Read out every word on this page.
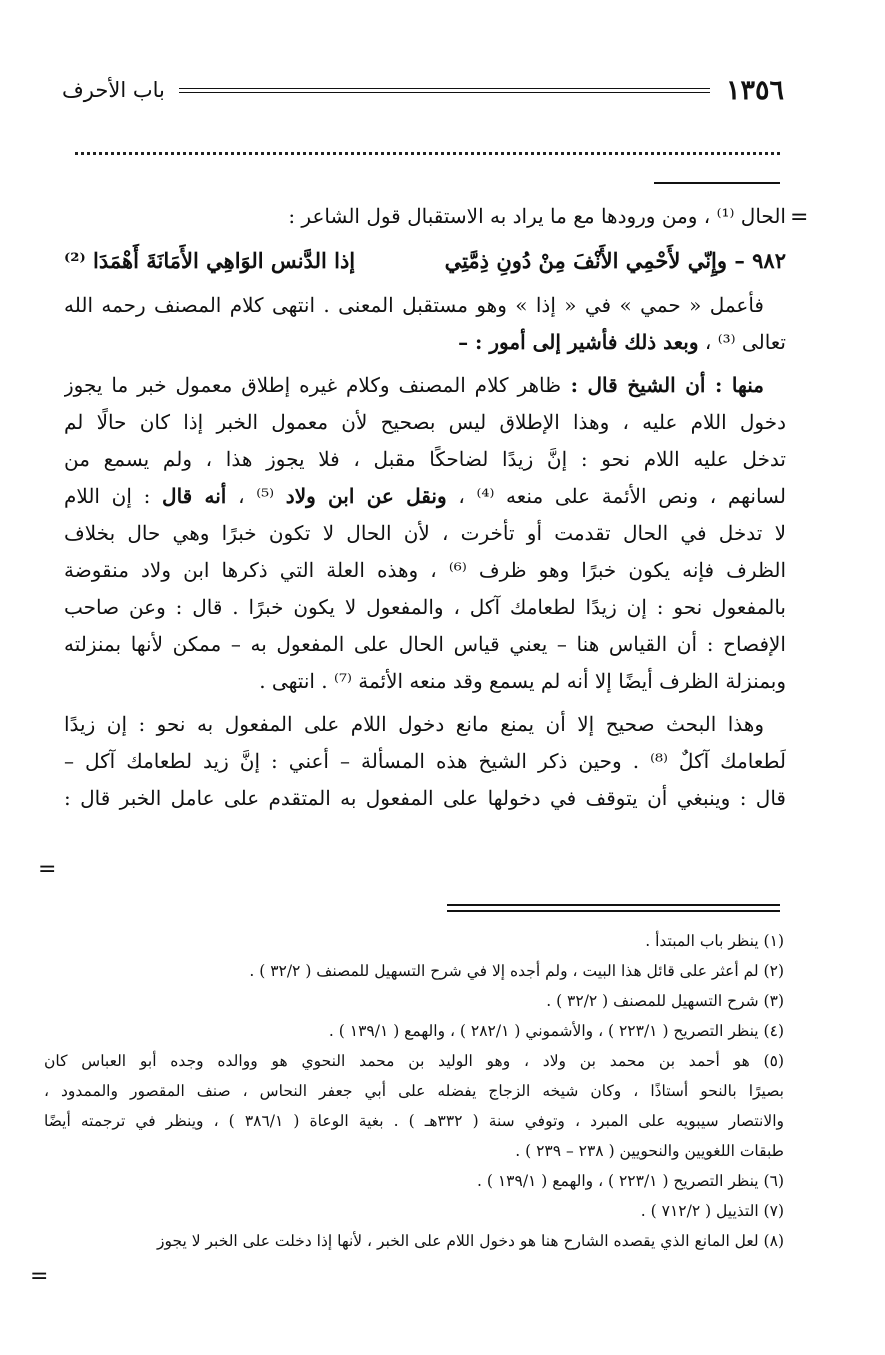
١٣٥٦
باب الأحرف
=
=
=
الحال ⁽¹⁾ ، ومن ورودها مع ما يراد به الاستقبال قول الشاعر :
٩٨٢ – وإِنّي لأَحْمِي الأَنْفَ مِنْ دُونِ ذِمَّتِي
إذا الدَّنس الوَاهِي الأَمَانَةَ أَهْمَدَا ⁽²⁾
فأعمل « حمي » في « إذا » وهو مستقبل المعنى . انتهى كلام المصنف رحمه الله
تعالى ⁽³⁾ ، وبعد ذلك فأشير إلى أمور : –
منها : أن الشيخ قال : ظاهر كلام المصنف وكلام غيره إطلاق معمول خبر ما يجوز
دخول اللام عليه ، وهذا الإطلاق ليس بصحيح لأن معمول الخبر إذا كان حالًا لم
تدخل عليه اللام نحو : إنَّ زيدًا لضاحكًا مقبل ، فلا يجوز هذا ، ولم يسمع من
لسانهم ، ونص الأئمة على منعه ⁽⁴⁾ ، ونقل عن ابن ولاد ⁽⁵⁾ ، أنه قال : إن اللام
لا تدخل في الحال تقدمت أو تأخرت ، لأن الحال لا تكون خبرًا وهي حال بخلاف
الظرف فإنه يكون خبرًا وهو ظرف ⁽⁶⁾ ، وهذه العلة التي ذكرها ابن ولاد منقوضة
بالمفعول نحو : إن زيدًا لطعامك آكل ، والمفعول لا يكون خبرًا . قال : وعن صاحب
الإفصاح : أن القياس هنا – يعني قياس الحال على المفعول به – ممكن لأنها بمنزلته
وبمنزلة الظرف أيضًا إلا أنه لم يسمع وقد منعه الأئمة ⁽⁷⁾ . انتهى .
وهذا البحث صحيح إلا أن يمنع مانع دخول اللام على المفعول به نحو : إن زيدًا
لَطعامك آكلٌ ⁽⁸⁾ . وحين ذكر الشيخ هذه المسألة – أعني : إنَّ زيد لطعامك آكل –
قال : وينبغي أن يتوقف في دخولها على المفعول به المتقدم على عامل الخبر قال :
(١) ينظر باب المبتدأ .
(٢) لم أعثر على قائل هذا البيت ، ولم أجده إلا في شرح التسهيل للمصنف ( ٣٢/٢ ) .
(٣) شرح التسهيل للمصنف ( ٣٢/٢ ) .
(٤) ينظر التصريح ( ٢٢٣/١ ) ، والأشموني ( ٢٨٢/١ ) ، والهمع ( ١٣٩/١ ) .
(٥) هو أحمد بن محمد بن ولاد ، وهو الوليد بن محمد النحوي هو ووالده وجده أبو العباس كان
بصيرًا بالنحو أستاذًا ، وكان شيخه الزجاج يفضله على أبي جعفر النحاس ، صنف المقصور والممدود ،
والانتصار سيبويه على المبرد ، وتوفي سنة ( ٣٣٢هـ ) . بغية الوعاة ( ٣٨٦/١ ) ، وينظر في ترجمته أيضًا
طبقات اللغويين والنحويين ( ٢٣٨ – ٢٣٩ ) .
(٦) ينظر التصريح ( ٢٢٣/١ ) ، والهمع ( ١٣٩/١ ) .
(٧) التذييل ( ٧١٢/٢ ) .
(٨) لعل المانع الذي يقصده الشارح هنا هو دخول اللام على الخبر ، لأنها إذا دخلت على الخبر لا يجوز
